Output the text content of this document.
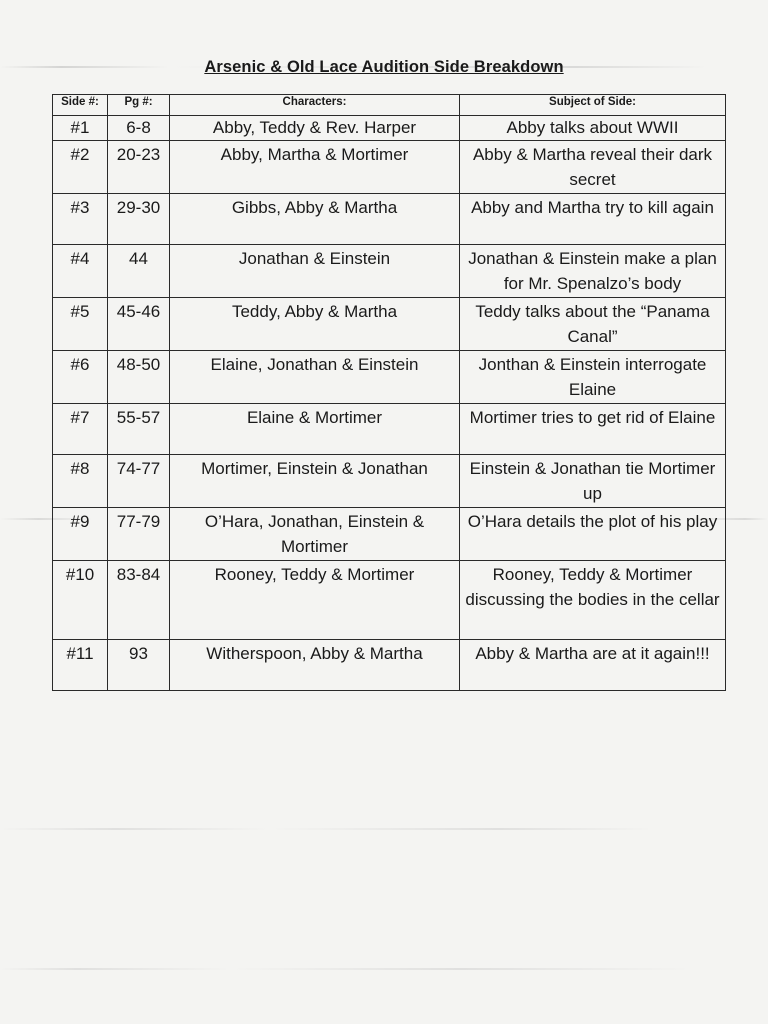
Arsenic & Old Lace Audition Side Breakdown
Side #:	Pg #:	Characters:	Subject of Side:
#1	6-8	Abby, Teddy & Rev. Harper	Abby talks about WWII
#2	20-23	Abby, Martha & Mortimer	Abby & Martha reveal their dark secret
#3	29-30	Gibbs, Abby & Martha	Abby and Martha try to kill again
#4	44	Jonathan & Einstein	Jonathan & Einstein make a plan for Mr. Spenalzo’s body
#5	45-46	Teddy, Abby & Martha	Teddy talks about the “Panama Canal”
#6	48-50	Elaine, Jonathan & Einstein	Jonthan & Einstein interrogate Elaine
#7	55-57	Elaine & Mortimer	Mortimer tries to get rid of Elaine
#8	74-77	Mortimer, Einstein & Jonathan	Einstein & Jonathan tie Mortimer up
#9	77-79	O’Hara, Jonathan, Einstein & Mortimer	O’Hara details the plot of his play
#10	83-84	Rooney, Teddy & Mortimer	Rooney, Teddy & Mortimer discussing the bodies in the cellar
#11	93	Witherspoon, Abby & Martha	Abby & Martha are at it again!!!
